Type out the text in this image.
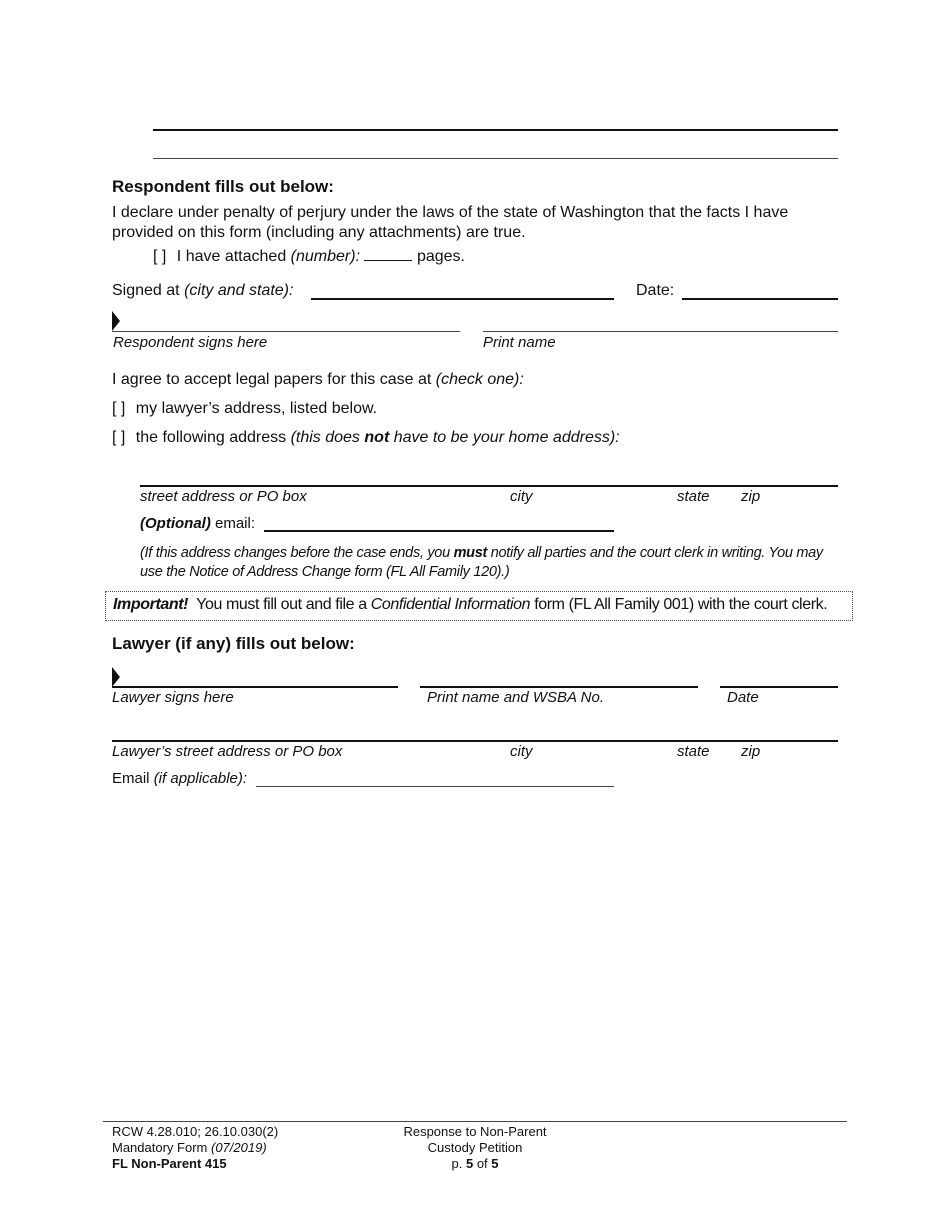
Respondent fills out below:
I declare under penalty of perjury under the laws of the state of Washington that the facts I have provided on this form (including any attachments) are true.
[ ] I have attached (number):	pages.
Signed at (city and state):	Date:
Respondent signs here	Print name
I agree to accept legal papers for this case at (check one):
[ ] my lawyer’s address, listed below.
[ ] the following address (this does not have to be your home address):
street address or PO box	city	state zip
(Optional) email:
(If this address changes before the case ends, you must notify all parties and the court clerk in writing. You may
use the Notice of Address Change form (FL All Family 120).)
Important! You must fill out and file a Confidential Information form (FL All Family 001) with the court clerk.
Lawyer (if any) fills out below:
Lawyer signs here	Print name and WSBA No.	Date
Lawyer’s street address or PO box	city	state zip
Email (if applicable):
RCW 4.28.010; 26.10.030(2)
Mandatory Form (07/2019)
FL Non-Parent 415
Response to Non-Parent
Custody Petition
p. 5 of 5
